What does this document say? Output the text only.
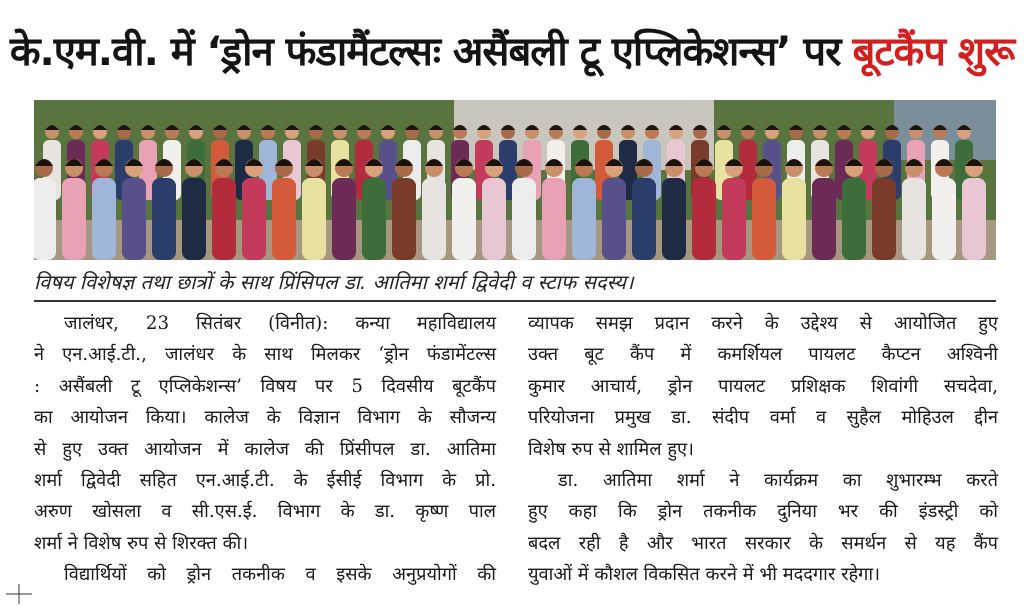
के.एम.वी. में ‘ड्रोन फंडामैंटल्सः असैंबली टू एप्लिकेशन्स’ पर बूटकैंप शुरू
विषय विशेषज्ञ तथा छात्रों के साथ प्रिंसिपल डा. आतिमा शर्मा द्विवेदी व स्टाफ सदस्य।
जालंधर, 23 सितंबर (विनीत): कन्या महाविद्यालय
ने एन.आई.टी., जालंधर के साथ मिलकर ‘ड्रोन फंडामेंटल्स
: असैंबली टू एप्लिकेशन्स’ विषय पर 5 दिवसीय बूटकैंप
का आयोजन किया। कालेज के विज्ञान विभाग के सौजन्य
से हुए उक्त आयोजन में कालेज की प्रिंसीपल डा. आतिमा
शर्मा द्विवेदी सहित एन.आई.टी. के ईसीई विभाग के प्रो.
अरुण खोसला व सी.एस.ई. विभाग के डा. कृष्ण पाल
शर्मा ने विशेष रुप से शिरक्त की।
विद्यार्थियों को ड्रोन तकनीक व इसके अनुप्रयोगों की
व्यापक समझ प्रदान करने के उद्देश्य से आयोजित हुए
उक्त बूट कैंप में कमर्शियल पायलट कैप्टन अश्विनी
कुमार आचार्य, ड्रोन पायलट प्रशिक्षक शिवांगी सचदेवा,
परियोजना प्रमुख डा. संदीप वर्मा व सुहैल मोहिउल द्दीन
विशेष रुप से शामिल हुए।
डा. आतिमा शर्मा ने कार्यक्रम का शुभारम्भ करते
हुए कहा कि ड्रोन तकनीक दुनिया भर की इंडस्ट्री को
बदल रही है और भारत सरकार के समर्थन से यह कैंप
युवाओं में कौशल विकसित करने में भी मददगार रहेगा।
